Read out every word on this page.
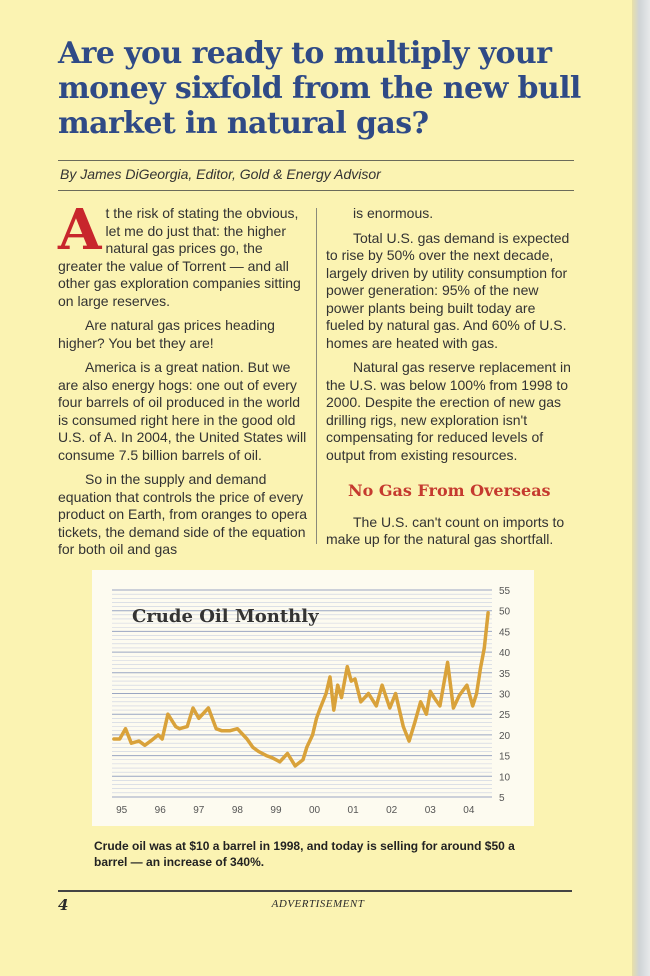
Are you ready to multiply your money sixfold from the new bull market in natural gas?
By James DiGeorgia, Editor, Gold & Energy Advisor

At the risk of stating the obvious, let me do just that: the higher natural gas prices go, the greater the value of Torrent — and all other gas exploration companies sitting on large reserves.

Are natural gas prices heading higher? You bet they are!

America is a great nation. But we are also energy hogs: one out of every four barrels of oil produced in the world is consumed right here in the good old U.S. of A. In 2004, the United States will consume 7.5 billion barrels of oil.

So in the supply and demand equation that controls the price of every product on Earth, from oranges to opera tickets, the demand side of the equation for both oil and gas

is enormous.

Total U.S. gas demand is expected to rise by 50% over the next decade, largely driven by utility consumption for power generation: 95% of the new power plants being built today are fueled by natural gas. And 60% of U.S. homes are heated with gas.

Natural gas reserve replacement in the U.S. was below 100% from 1998 to 2000. Despite the erection of new gas drilling rigs, new exploration isn't compensating for reduced levels of output from existing resources.

No Gas From Overseas

The U.S. can't count on imports to make up for the natural gas shortfall.

5
10
15
20
25
30
35
40
45
50
55
95	96	97	98	99	00	01	02	03	04
Crude Oil Monthly
Crude oil was at $10 a barrel in 1998, and today is selling for around $50 a barrel — an increase of 340%.
4	ADVERTISEMENT
